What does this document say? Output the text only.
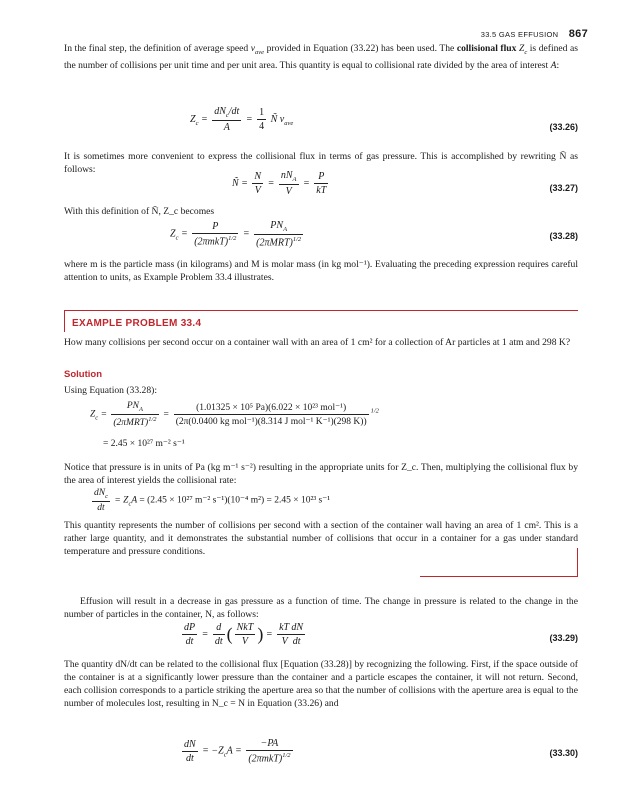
33.5 GAS EFFUSION 867
In the final step, the definition of average speed $\nu_{ave}$ provided in Equation (33.22) has been used. The collisional flux $Z_c$ is defined as the number of collisions per unit time and per unit area. This quantity is equal to collisional rate divided by the area of interest A:
$Z_c = \frac{dN_c/dt}{A} = \frac{1}{4}$ Ñ $\nu_{ave}$	(33.26)
It is sometimes more convenient to express the collisional flux in terms of gas pressure. This is accomplished by rewriting Ñ as follows:
Ñ = $\frac{N}{V} = \frac{nN_A}{V} = \frac{P}{kT}$	(33.27)
With this definition of Ñ, Z_c becomes
$Z_c = \frac{P}{(2\pi mkT)^{1/2}} = \frac{PN_A}{(2\pi MRT)^{1/2}}$	(33.28)
where m is the particle mass (in kilograms) and M is molar mass (in kg mol⁻¹). Evaluating the preceding expression requires careful attention to units, as Example Problem 33.4 illustrates.
EXAMPLE PROBLEM 33.4
How many collisions per second occur on a container wall with an area of 1 cm² for a collection of Ar particles at 1 atm and 298 K?
Solution
Using Equation (33.28):
$Z_c = \frac{PN_A}{(2\pi MRT)^{1/2}} = \frac{\text{(1.01325 × 10⁵ Pa)(6.022 × 10²³ mol⁻¹)}}{\text{(2π(0.0400 kg mol⁻¹)(8.314 J mol⁻¹ K⁻¹)(298 K))}} ^{1/2}$
= 2.45 × 10²⁷ m⁻² s⁻¹
Notice that pressure is in units of Pa (kg m⁻¹ s⁻²) resulting in the appropriate units for Z_c. Then, multiplying the collisional flux by the area of interest yields the collisional rate:
$\frac{dN_c}{dt} = Z_cA = (2.45 \times 10^{27}$ m⁻² s⁻¹)(10⁻⁴ m²) = 2.45 × 10²³ s⁻¹
This quantity represents the number of collisions per second with a section of the container wall having an area of 1 cm². This is a rather large quantity, and it demonstrates the substantial number of collisions that occur in a container for a gas under standard temperature and pressure conditions.
Effusion will result in a decrease in gas pressure as a function of time. The change in pressure is related to the change in the number of particles in the container, N, as follows:
$\frac{dP}{dt} = \frac{d}{dt}$ ( $\frac{\text{NkT}}{V}$ ) = $\frac{\text{kT dN}}{\text{V  dt}}$	(33.29)
The quantity dN/dt can be related to the collisional flux [Equation (33.28)] by recognizing the following. First, if the space outside of the container is at a significantly lower pressure than the container and a particle escapes the container, it will not return. Second, each collision corresponds to a particle striking the aperture area so that the number of collisions with the aperture area is equal to the number of molecules lost, resulting in N_c = N in Equation (33.26) and
$\frac{dN}{dt} = -Z_cA = \frac{-PA}{(2\pi mkT)^{1/2}}$	(33.30)
